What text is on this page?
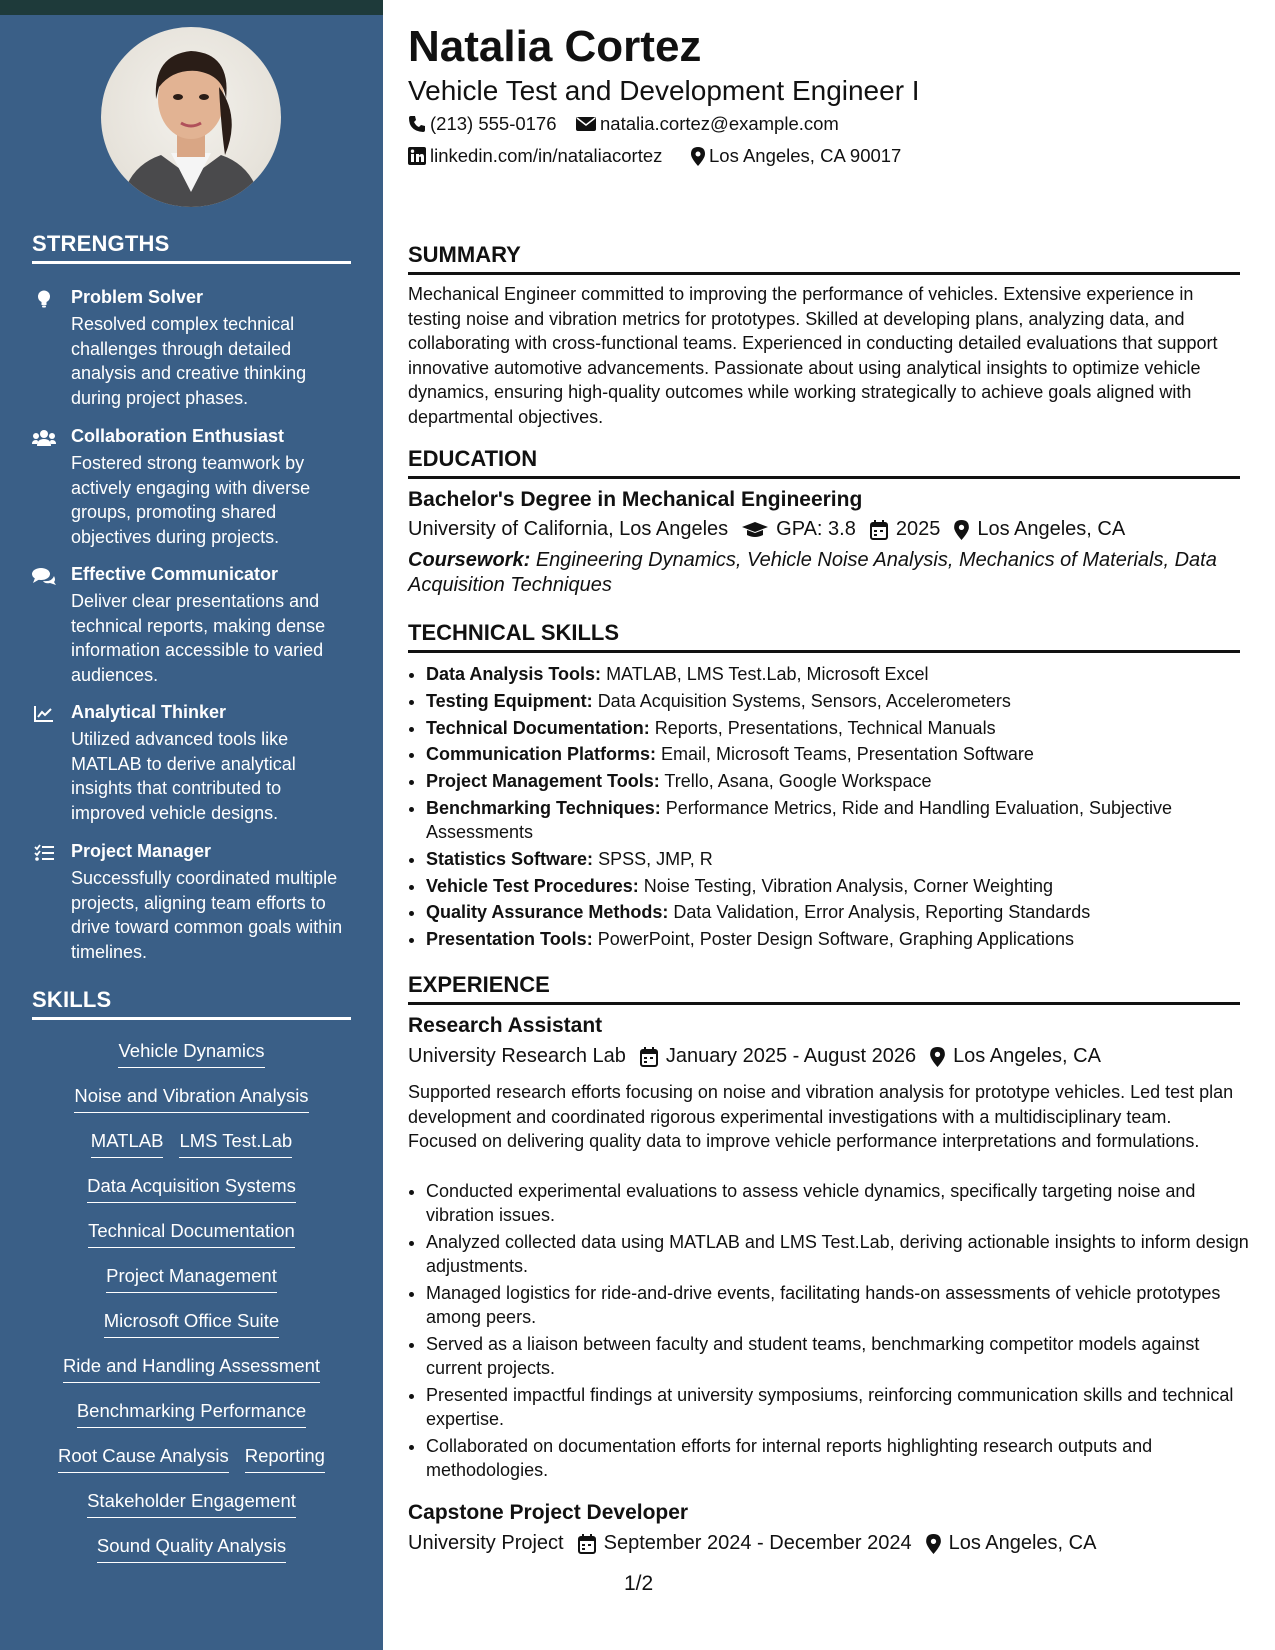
STRENGTHS
Problem Solver
Resolved complex technical challenges through detailed analysis and creative thinking during project phases.
Collaboration Enthusiast
Fostered strong teamwork by actively engaging with diverse groups, promoting shared objectives during projects.
Effective Communicator
Deliver clear presentations and technical reports, making dense information accessible to varied audiences.
Analytical Thinker
Utilized advanced tools like MATLAB to derive analytical insights that contributed to improved vehicle designs.
Project Manager
Successfully coordinated multiple projects, aligning team efforts to drive toward common goals within timelines.
SKILLS
Vehicle Dynamics
Noise and Vibration Analysis
MATLAB LMS Test.Lab
Data Acquisition Systems
Technical Documentation
Project Management
Microsoft Office Suite
Ride and Handling Assessment
Benchmarking Performance
Root Cause Analysis Reporting
Stakeholder Engagement
Sound Quality Analysis
Natalia Cortez
Vehicle Test and Development Engineer I
(213) 555-0176 natalia.cortez@example.com
linkedin.com/in/nataliacortez	Los Angeles, CA 90017
SUMMARY
Mechanical Engineer committed to improving the performance of vehicles. Extensive experience in testing noise and vibration metrics for prototypes. Skilled at developing plans, analyzing data, and collaborating with cross-functional teams. Experienced in conducting detailed evaluations that support innovative automotive advancements. Passionate about using analytical insights to optimize vehicle dynamics, ensuring high-quality outcomes while working strategically to achieve goals aligned with departmental objectives.
EDUCATION
Bachelor's Degree in Mechanical Engineering
University of California, Los Angeles GPA: 3.8 2025 Los Angeles, CA
Coursework: Engineering Dynamics, Vehicle Noise Analysis, Mechanics of Materials, Data Acquisition Techniques
TECHNICAL SKILLS
• Data Analysis Tools: MATLAB, LMS Test.Lab, Microsoft Excel
• Testing Equipment: Data Acquisition Systems, Sensors, Accelerometers
• Technical Documentation: Reports, Presentations, Technical Manuals
• Communication Platforms: Email, Microsoft Teams, Presentation Software
• Project Management Tools: Trello, Asana, Google Workspace
• Benchmarking Techniques: Performance Metrics, Ride and Handling Evaluation, Subjective Assessments
• Statistics Software: SPSS, JMP, R
• Vehicle Test Procedures: Noise Testing, Vibration Analysis, Corner Weighting
• Quality Assurance Methods: Data Validation, Error Analysis, Reporting Standards
• Presentation Tools: PowerPoint, Poster Design Software, Graphing Applications
EXPERIENCE
Research Assistant
University Research Lab January 2025 - August 2026 Los Angeles, CA
Supported research efforts focusing on noise and vibration analysis for prototype vehicles. Led test plan development and coordinated rigorous experimental investigations with a multidisciplinary team. Focused on delivering quality data to improve vehicle performance interpretations and formulations.
• Conducted experimental evaluations to assess vehicle dynamics, specifically targeting noise and vibration issues.
• Analyzed collected data using MATLAB and LMS Test.Lab, deriving actionable insights to inform design adjustments.
• Managed logistics for ride-and-drive events, facilitating hands-on assessments of vehicle prototypes among peers.
• Served as a liaison between faculty and student teams, benchmarking competitor models against current projects.
• Presented impactful findings at university symposiums, reinforcing communication skills and technical expertise.
• Collaborated on documentation efforts for internal reports highlighting research outputs and methodologies.
Capstone Project Developer
University Project September 2024 - December 2024 Los Angeles, CA
1/2
